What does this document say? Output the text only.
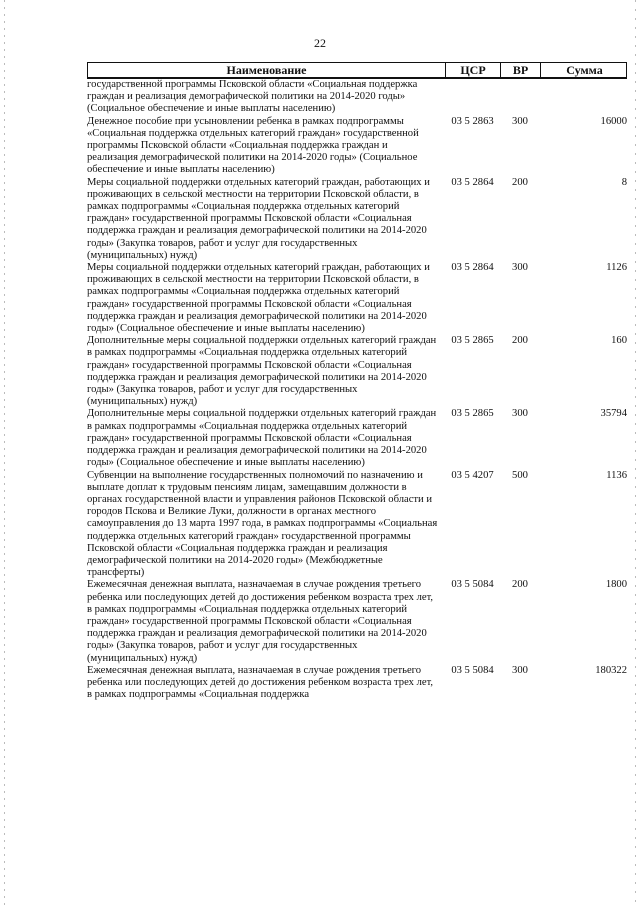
22
Наименование	ЦСР	ВР	Сумма
государственной программы Псковской области «Социальная поддержка граждан и реализация демографической политики на 2014-2020 годы» (Социальное обеспечение и иные выплаты населению)
Денежное пособие при усыновлении ребенка в рамках подпрограммы «Социальная поддержка отдельных категорий граждан» государственной программы Псковской области «Социальная поддержка граждан и реализация демографической политики на 2014-2020 годы» (Социальное обеспечение и иные выплаты населению)
03 5 2863	300	16000
Меры социальной поддержки отдельных категорий граждан, работающих и проживающих в сельской местности на территории Псковской области, в рамках подпрограммы «Социальная поддержка отдельных категорий граждан» государственной программы Псковской области «Социальная поддержка граждан и реализация демографической политики на 2014-2020 годы» (Закупка товаров, работ и услуг для государственных (муниципальных) нужд)
03 5 2864	200	8
Меры социальной поддержки отдельных категорий граждан, работающих и проживающих в сельской местности на территории Псковской области, в рамках подпрограммы «Социальная поддержка отдельных категорий граждан» государственной программы Псковской области «Социальная поддержка граждан и реализация демографической политики на 2014-2020 годы» (Социальное обеспечение и иные выплаты населению)
03 5 2864	300	1126
Дополнительные меры социальной поддержки отдельных категорий граждан в рамках подпрограммы «Социальная поддержка отдельных категорий граждан» государственной программы Псковской области «Социальная поддержка граждан и реализация демографической политики на 2014-2020 годы» (Закупка товаров, работ и услуг для государственных (муниципальных) нужд)
03 5 2865	200	160
Дополнительные меры социальной поддержки отдельных категорий граждан в рамках подпрограммы «Социальная поддержка отдельных категорий граждан» государственной программы Псковской области «Социальная поддержка граждан и реализация демографической политики на 2014-2020 годы» (Социальное обеспечение и иные выплаты населению)
03 5 2865	300	35794
Субвенции на выполнение государственных полномочий по назначению и выплате доплат к трудовым пенсиям лицам, замещавшим должности в органах государственной власти и управления районов Псковской области и городов Пскова и Великие Луки, должности в органах местного самоуправления до 13 марта 1997 года, в рамках подпрограммы «Социальная поддержка отдельных категорий граждан» государственной программы Псковской области «Социальная поддержка граждан и реализация демографической политики на 2014-2020 годы» (Межбюджетные трансферты)
03 5 4207	500	1136
Ежемесячная денежная выплата, назначаемая в случае рождения третьего ребенка или последующих детей до достижения ребенком возраста трех лет, в рамках подпрограммы «Социальная поддержка отдельных категорий граждан» государственной программы Псковской области «Социальная поддержка граждан и реализация демографической политики на 2014-2020 годы» (Закупка товаров, работ и услуг для государственных (муниципальных) нужд)
03 5 5084	200	1800
Ежемесячная денежная выплата, назначаемая в случае рождения третьего ребенка или последующих детей до достижения ребенком возраста трех лет, в рамках подпрограммы «Социальная поддержка
03 5 5084	300	180322
